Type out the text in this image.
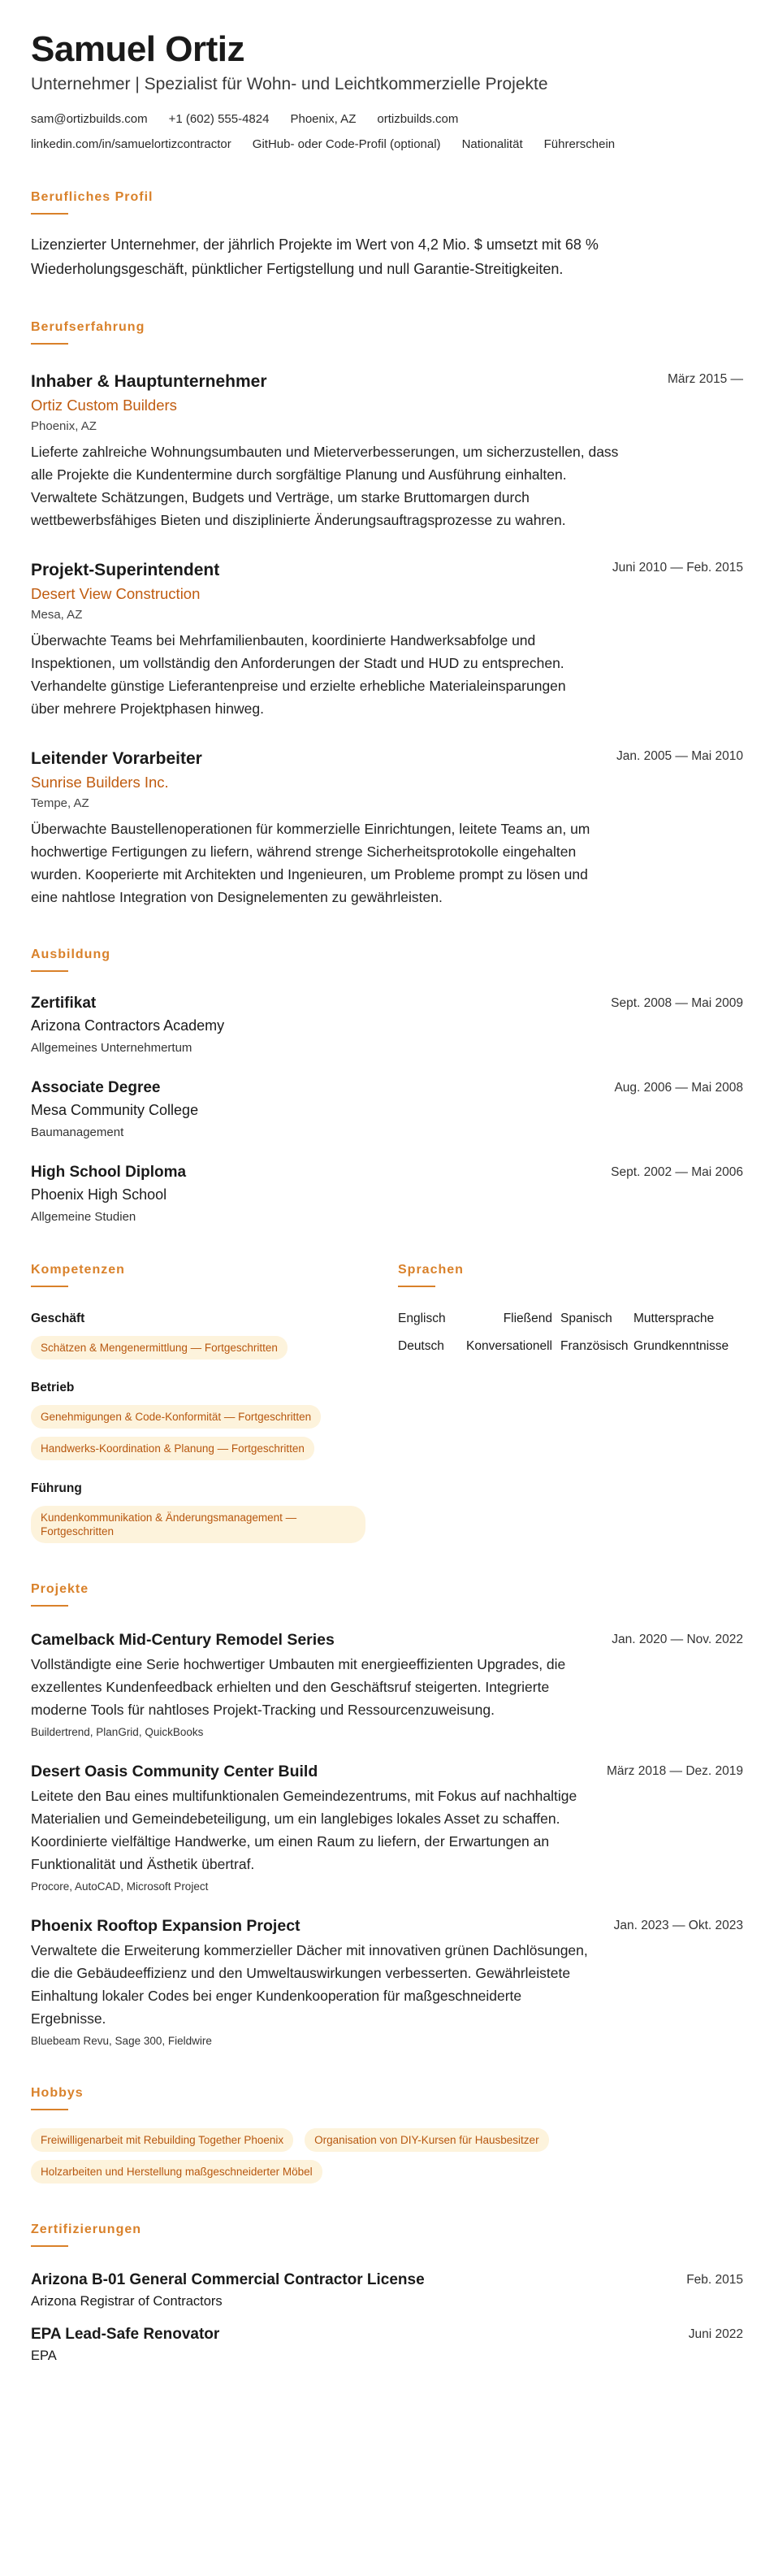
Samuel Ortiz
Unternehmer | Spezialist für Wohn- und Leichtkommerzielle Projekte
sam@ortizbuilds.com +1 (602) 555-4824 Phoenix, AZ ortizbuilds.com
linkedin.com/in/samuelortizcontractor GitHub- oder Code-Profil (optional) Nationalität Führerschein
Berufliches Profil
Lizenzierter Unternehmer, der jährlich Projekte im Wert von 4,2 Mio. $ umsetzt mit 68 % Wiederholungsgeschäft, pünktlicher Fertigstellung und null Garantie-Streitigkeiten.
Berufserfahrung
März 2015 —
Inhaber & Hauptunternehmer
Ortiz Custom Builders
Phoenix, AZ
Lieferte zahlreiche Wohnungsumbauten und Mieterverbesserungen, um sicherzustellen, dass alle Projekte die Kundentermine durch sorgfältige Planung und Ausführung einhalten. Verwaltete Schätzungen, Budgets und Verträge, um starke Bruttomargen durch wettbewerbsfähiges Bieten und disziplinierte Änderungsauftragsprozesse zu wahren.
Juni 2010 — Feb. 2015
Projekt-Superintendent
Desert View Construction
Mesa, AZ
Überwachte Teams bei Mehrfamilienbauten, koordinierte Handwerksabfolge und Inspektionen, um vollständig den Anforderungen der Stadt und HUD zu entsprechen. Verhandelte günstige Lieferantenpreise und erzielte erhebliche Materialeinsparungen über mehrere Projektphasen hinweg.
Jan. 2005 — Mai 2010
Leitender Vorarbeiter
Sunrise Builders Inc.
Tempe, AZ
Überwachte Baustellenoperationen für kommerzielle Einrichtungen, leitete Teams an, um hochwertige Fertigungen zu liefern, während strenge Sicherheitsprotokolle eingehalten wurden. Kooperierte mit Architekten und Ingenieuren, um Probleme prompt zu lösen und eine nahtlose Integration von Designelementen zu gewährleisten.
Ausbildung
Sept. 2008 — Mai 2009
Zertifikat
Arizona Contractors Academy
Allgemeines Unternehmertum
Aug. 2006 — Mai 2008
Associate Degree
Mesa Community College
Baumanagement
Sept. 2002 — Mai 2006
High School Diploma
Phoenix High School
Allgemeine Studien
Kompetenzen
Geschäft
Schätzen & Mengenermittlung — Fortgeschritten
Betrieb
Genehmigungen & Code-Konformität — Fortgeschritten
Handwerks-Koordination & Planung — Fortgeschritten
Führung
Kundenkommunikation & Änderungsmanagement — Fortgeschritten
Sprachen
Englisch	Fließend Spanisch	Muttersprache
Deutsch	Konversationell Französisch Grundkenntnisse
Projekte
Jan. 2020 — Nov. 2022
Camelback Mid-Century Remodel Series
Vollständigte eine Serie hochwertiger Umbauten mit energieeffizienten Upgrades, die exzellentes Kundenfeedback erhielten und den Geschäftsruf steigerten. Integrierte moderne Tools für nahtloses Projekt-Tracking und Ressourcenzuweisung.
Buildertrend, PlanGrid, QuickBooks
März 2018 — Dez. 2019
Desert Oasis Community Center Build
Leitete den Bau eines multifunktionalen Gemeindezentrums, mit Fokus auf nachhaltige Materialien und Gemeindebeteiligung, um ein langlebiges lokales Asset zu schaffen. Koordinierte vielfältige Handwerke, um einen Raum zu liefern, der Erwartungen an Funktionalität und Ästhetik übertraf.
Procore, AutoCAD, Microsoft Project
Jan. 2023 — Okt. 2023
Phoenix Rooftop Expansion Project
Verwaltete die Erweiterung kommerzieller Dächer mit innovativen grünen Dachlösungen, die die Gebäudeeffizienz und den Umweltauswirkungen verbesserten. Gewährleistete Einhaltung lokaler Codes bei enger Kundenkooperation für maßgeschneiderte Ergebnisse.
Bluebeam Revu, Sage 300, Fieldwire
Hobbys
Freiwilligenarbeit mit Rebuilding Together Phoenix	Organisation von DIY-Kursen für Hausbesitzer
Holzarbeiten und Herstellung maßgeschneiderter Möbel
Zertifizierungen
Feb. 2015
Arizona B-01 General Commercial Contractor License
Arizona Registrar of Contractors
Juni 2022
EPA Lead-Safe Renovator
EPA
